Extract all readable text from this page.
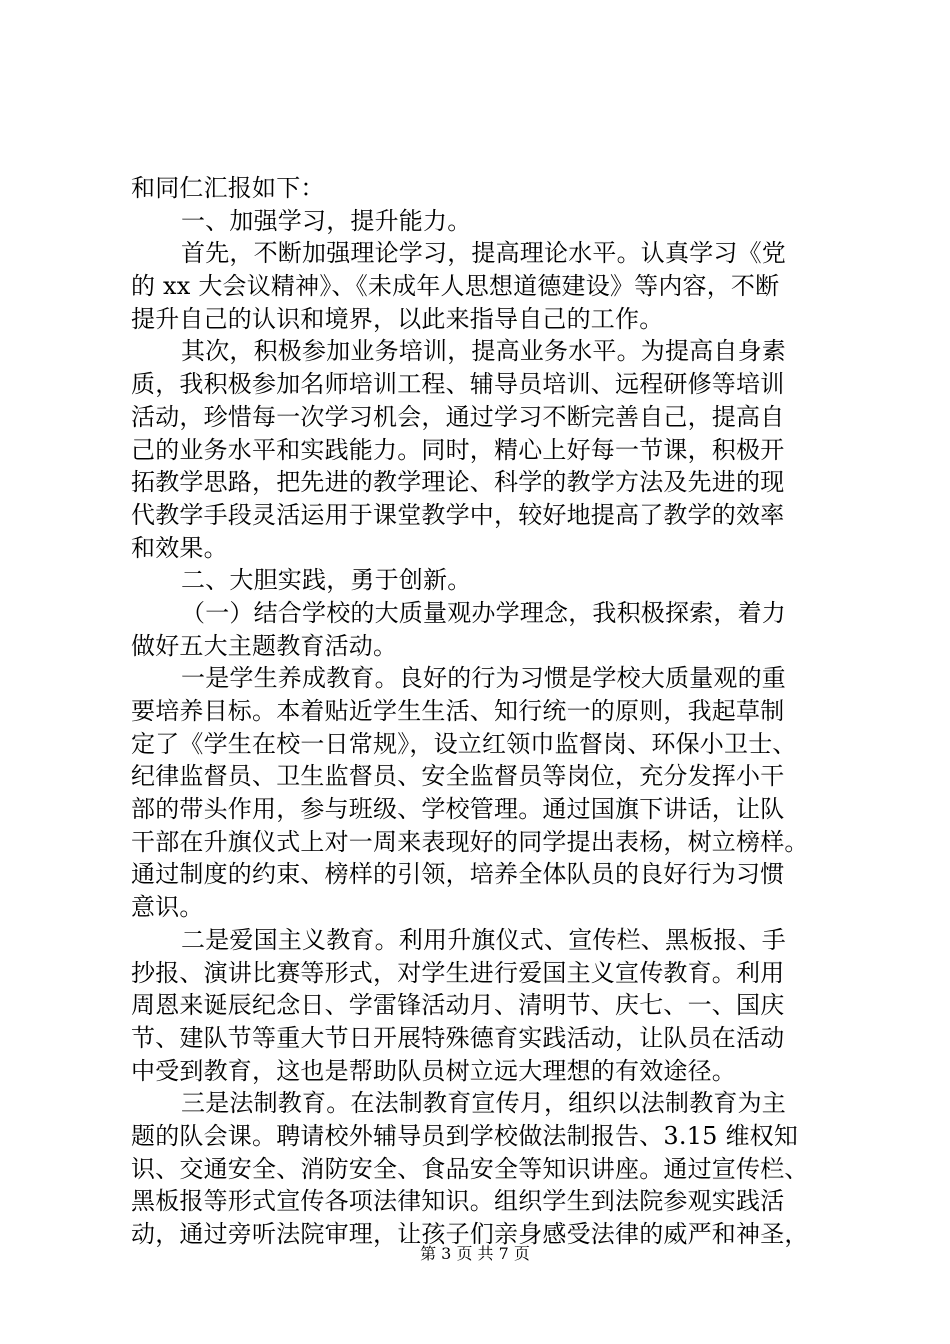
和同仁汇报如下：
一、加强学习，提升能力。
首先，不断加强理论学习，提高理论水平。认真学习《党
的 xx 大会议精神》、《未成年人思想道德建设》等内容，不断
提升自己的认识和境界，以此来指导自己的工作。
其次，积极参加业务培训，提高业务水平。为提高自身素
质，我积极参加名师培训工程、辅导员培训、远程研修等培训
活动，珍惜每一次学习机会，通过学习不断完善自己，提高自
己的业务水平和实践能力。同时，精心上好每一节课，积极开
拓教学思路，把先进的教学理论、科学的教学方法及先进的现
代教学手段灵活运用于课堂教学中，较好地提高了教学的效率
和效果。
二、大胆实践，勇于创新。
（一）结合学校的大质量观办学理念，我积极探索，着力
做好五大主题教育活动。
一是学生养成教育。良好的行为习惯是学校大质量观的重
要培养目标。本着贴近学生生活、知行统一的原则，我起草制
定了《学生在校一日常规》，设立红领巾监督岗、环保小卫士、
纪律监督员、卫生监督员、安全监督员等岗位，充分发挥小干
部的带头作用，参与班级、学校管理。通过国旗下讲话，让队
干部在升旗仪式上对一周来表现好的同学提出表杨，树立榜样。
通过制度的约束、榜样的引领，培养全体队员的良好行为习惯
意识。
二是爱国主义教育。利用升旗仪式、宣传栏、黑板报、手
抄报、演讲比赛等形式，对学生进行爱国主义宣传教育。利用
周恩来诞辰纪念日、学雷锋活动月、清明节、庆七、一、国庆
节、建队节等重大节日开展特殊德育实践活动，让队员在活动
中受到教育，这也是帮助队员树立远大理想的有效途径。
三是法制教育。在法制教育宣传月，组织以法制教育为主
题的队会课。聘请校外辅导员到学校做法制报告、3.15 维权知
识、交通安全、消防安全、食品安全等知识讲座。通过宣传栏、
黑板报等形式宣传各项法律知识。组织学生到法院参观实践活
动，通过旁听法院审理，让孩子们亲身感受法律的威严和神圣，
第 3 页 共 7 页
